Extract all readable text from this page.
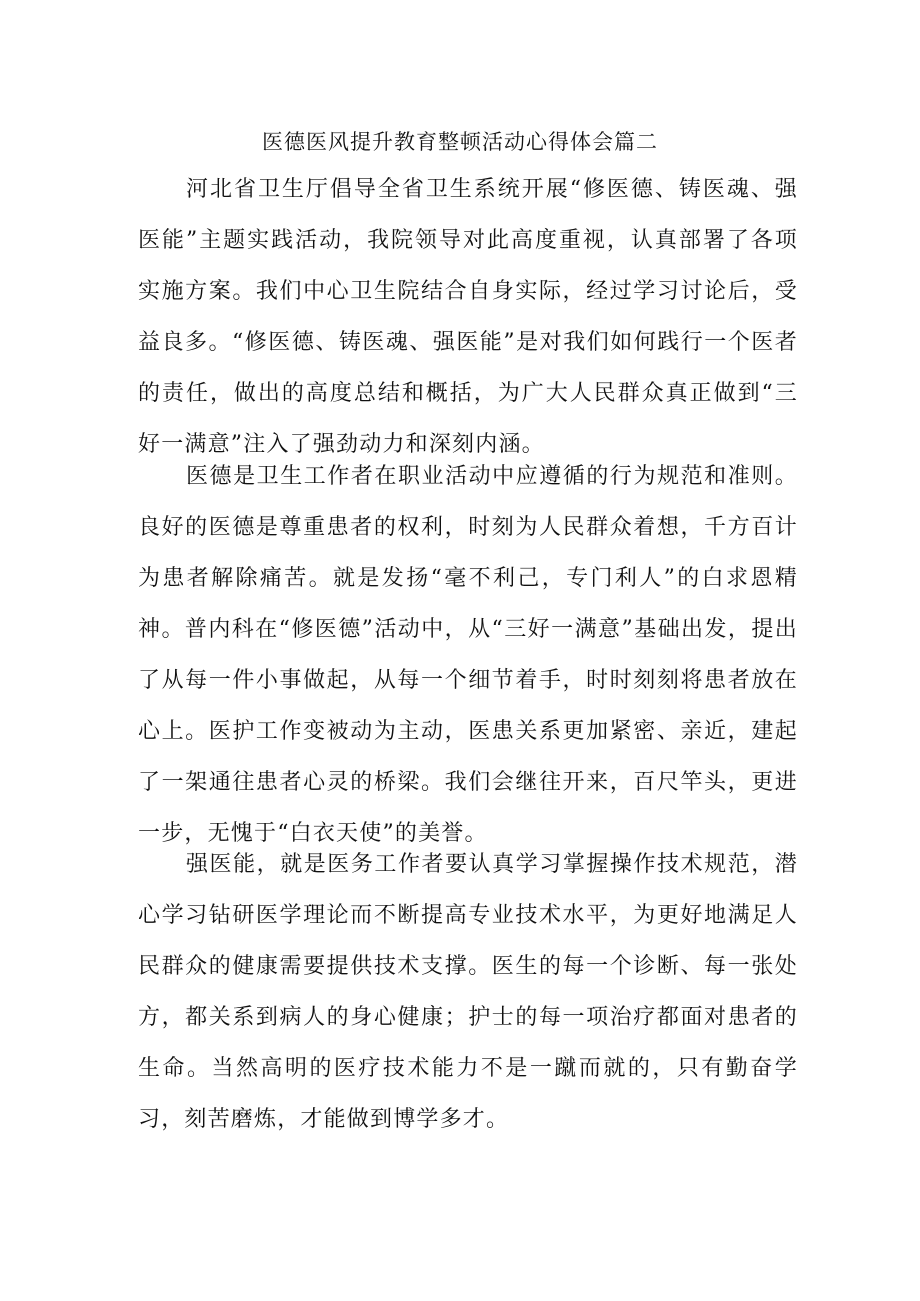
医德医风提升教育整顿活动心得体会篇二

河北省卫生厅倡导全省卫生系统开展“修医德、铸医魂、强医能”主题实践活动，我院领导对此高度重视，认真部署了各项实施方案。我们中心卫生院结合自身实际，经过学习讨论后，受益良多。“修医德、铸医魂、强医能”是对我们如何践行一个医者的责任，做出的高度总结和概括，为广大人民群众真正做到“三好一满意”注入了强劲动力和深刻内涵。

医德是卫生工作者在职业活动中应遵循的行为规范和准则。良好的医德是尊重患者的权利，时刻为人民群众着想，千方百计为患者解除痛苦。就是发扬“毫不利己，专门利人”的白求恩精神。普内科在“修医德”活动中，从“三好一满意”基础出发，提出了从每一件小事做起，从每一个细节着手，时时刻刻将患者放在心上。医护工作变被动为主动，医患关系更加紧密、亲近，建起了一架通往患者心灵的桥梁。我们会继往开来，百尺竿头，更进一步，无愧于“白衣天使”的美誉。

强医能，就是医务工作者要认真学习掌握操作技术规范，潜心学习钻研医学理论而不断提高专业技术水平，为更好地满足人民群众的健康需要提供技术支撑。医生的每一个诊断、每一张处方，都关系到病人的身心健康；护士的每一项治疗都面对患者的生命。当然高明的医疗技术能力不是一蹴而就的，只有勤奋学习，刻苦磨炼，才能做到博学多才。
